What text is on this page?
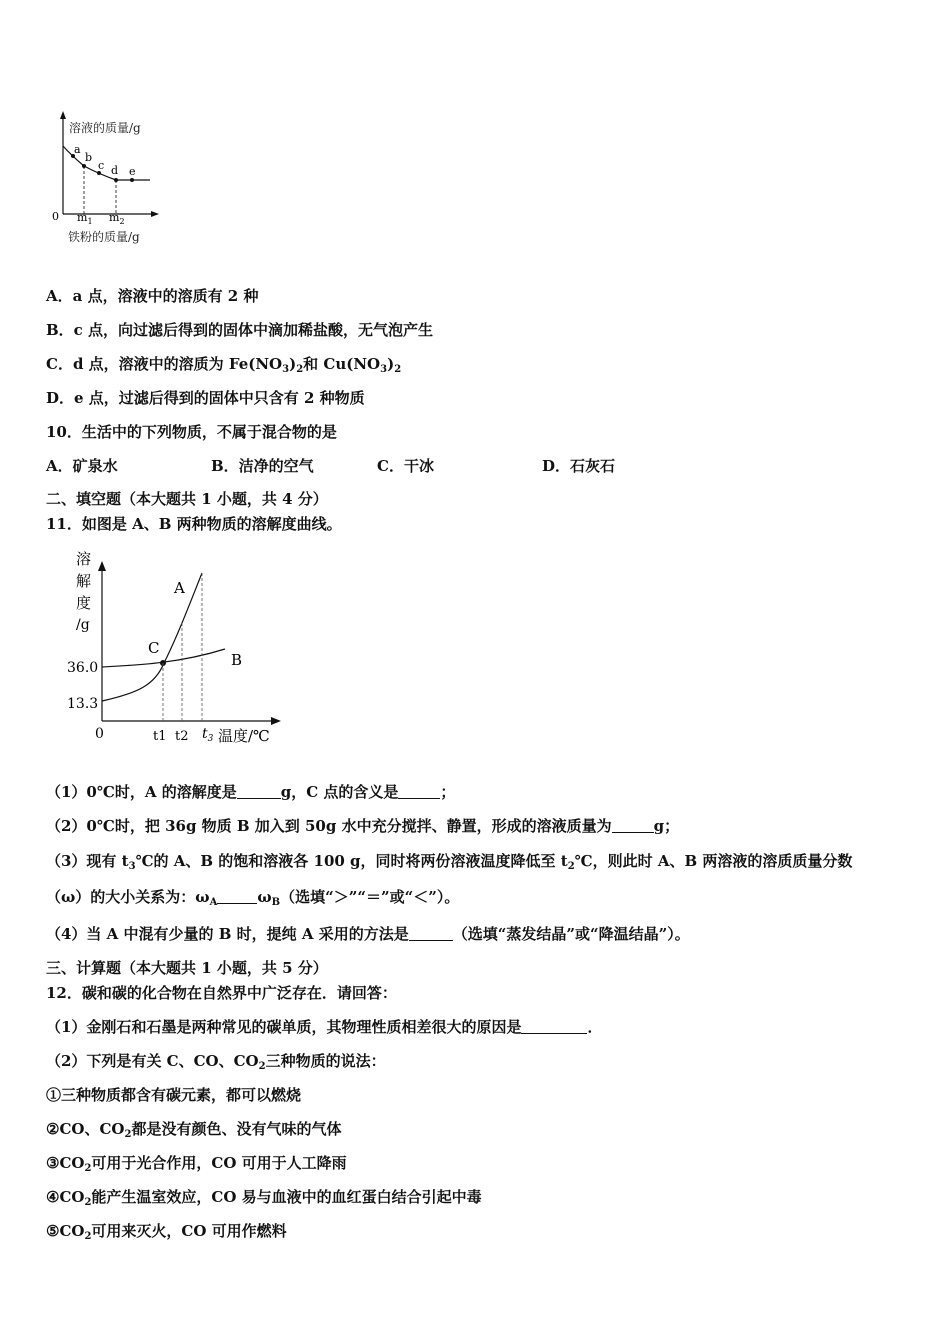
溶液的质量/g
a
b
c d e
0 $m_1$ $m_2$
铁粉的质量/g
A．a 点，溶液中的溶质有 2 种
B．c 点，向过滤后得到的固体中滴加稀盐酸，无气泡产生
C．d 点，溶液中的溶质为 $Fe(NO_3)_2$和 $Cu(NO_3)_2$
D．e 点，过滤后得到的固体中只含有 2 种物质
10．生活中的下列物质，不属于混合物的是
A．矿泉水	B．洁净的空气	C．干冰	D．石灰石
二、填空题（本大题共 1 小题，共 4 分）
11．如图是 A、B 两种物质的溶解度曲线。
溶
解
度
/g
36.0
13.3
A
B
C
0	t1 t2 $t_3$ 温度/℃
（1）0℃时，A 的溶解度是	g，C 点的含义是	；
（2）0℃时，把 36g 物质 B 加入到 50g 水中充分搅拌、静置，形成的溶液质量为	g；
（3）现有 $t_3℃$的 A、B 的饱和溶液各 100 g，同时将两份溶液温度降低至 $t_2℃$，则此时 A、B 两溶液的溶质质量分数
（ω）的大小关系为：$\omega_A$	$\omega_B$（选填“＞”“＝”或“＜”）。
（4）当 A 中混有少量的 B 时，提纯 A 采用的方法是	（选填“蒸发结晶”或“降温结晶”）。
三、计算题（本大题共 1 小题，共 5 分）
12．碳和碳的化合物在自然界中广泛存在．请回答：
（1）金刚石和石墨是两种常见的碳单质，其物理性质相差很大的原因是	．
（2）下列是有关 C、CO、$CO_2$三种物质的说法：
①三种物质都含有碳元素，都可以燃烧
②CO、$CO_2$都是没有颜色、没有气味的气体
$③CO_2$可用于光合作用，CO 可用于人工降雨
$④CO_2$能产生温室效应，CO 易与血液中的血红蛋白结合引起中毒
$⑤CO_2$可用来灭火，CO 可用作燃料
